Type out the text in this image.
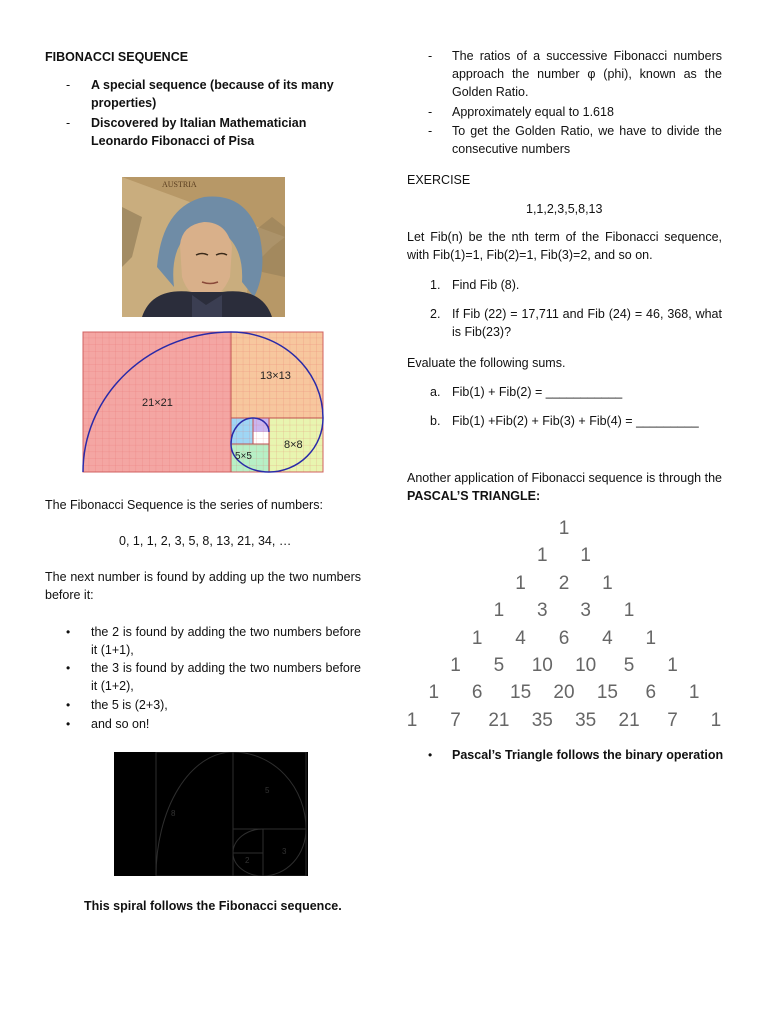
FIBONACCI SEQUENCE
- A special sequence (because of its many properties)
- Discovered by Italian Mathematician Leonardo Fibonacci of Pisa
AUSTRIA
21×21
13×13
8×8
5×5
The Fibonacci Sequence is the series of numbers:
0, 1, 1, 2, 3, 5, 8, 13, 21, 34, …
The next number is found by adding up the two numbers before it:
• the 2 is found by adding the two numbers before it (1+1),
• the 3 is found by adding the two numbers before it (1+2),
• the 5 is (2+3),
• and so on!
8
5
3
2
This spiral follows the Fibonacci sequence.
- The ratios of a successive Fibonacci numbers approach the number φ (phi), known as the Golden Ratio.
- Approximately equal to 1.618
- To get the Golden Ratio, we have to divide the consecutive numbers
EXERCISE
1,1,2,3,5,8,13
Let Fib(n) be the nth term of the Fibonacci sequence, with Fib(1)=1, Fib(2)=1, Fib(3)=2, and so on.
1. Find Fib (8).
2. If Fib (22) = 17,711 and Fib (24) = 46, 368, what is Fib(23)?
Evaluate the following sums.
a. Fib(1) + Fib(2) = ___________
b. Fib(1) +Fib(2) + Fib(3) + Fib(4) = _________
Another application of Fibonacci sequence is through the PASCAL’S TRIANGLE:
1
1 1
1 2 1
1 3 3 1
1 4 6 4 1
1 5 10 10 5 1
1 6 15 20 15 6 1
1 7 21 35 35 21 7 1
• Pascal’s Triangle follows the binary operation
